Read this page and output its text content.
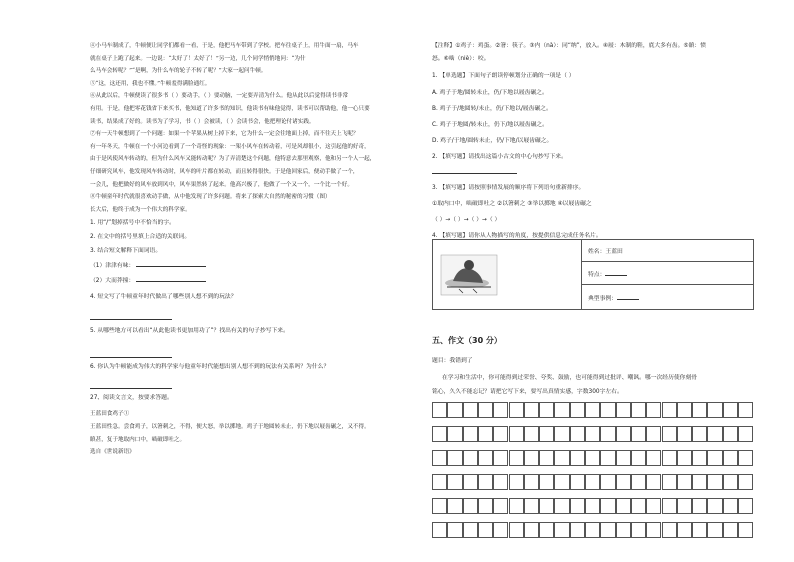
④小马车制成了，牛顿便让同学们都看一看，于是，他把马车带到了学校。把车往桌子上，用牛面一扇，马车

就在桌子上跑了起来。一边说：“太好了！太好了！”另一边，几个同学悄悄地问：“为什

么马车会转呢？”“是啊，为什么车的轮子不转了呢？”大家一起问牛顿。

⑤“这，这还用，我也不懂。”牛顿羞得满脸通红。

⑥从此以后，牛顿便读了很多书（ ）要动手，（ ）要动脑，一定要弄清为什么。他从此以后觉得读书非常

有用。于是，他把零花钱省下来买书，他知道了许多书的知识，他读书有味他觉得，读书可以帮助他，他一心只要

读书，结果成了好的。读书为了学习，书（ ）会被读，（ ）会读书会，他把理论付诸实践。

⑦有一天牛顿想到了一个问题：如果一个苹果从树上掉下来，它为什么一定会往地面上掉，而不往天上飞呢？

有一年冬天，牛顿在一个小河边看到了一个奇怪的现象：一架小风车在转动着，可是风却很小，这引起他的好奇，

由于是风使风车转动的，但为什么风车又能转动呢？为了弄清楚这个问题，他特意去那里观察，他和另一个人一起，

仔细研究风车，他发现风车转动时，风车的叶片都在转动，而且转得很快。于是他回家后，便动手做了一个，

一会儿，他把做好的风车放到风中，风车果然转了起来。他高兴极了，他做了一个又一个，一个比一个好。

⑧牛顿童年时代就很喜欢动手做，从中他发现了许多问题。将来了探索大自然的秘密的习惯（图）

长大后，他终于成为一个伟大的科学家。

1. 用“/”划掉括号中不恰当的字。

2. 在文中的括号里填上合适的关联词。

3. 结合短文解释下面词语。

（1）津津有味：

（2）大而莽撞：

4. 短文写了牛顿童年时代做出了哪些别人想不到的玩法？

5. 从哪些地方可以看出“从此他读书更加用功了”？找出有关的句子抄写下来。

6. 你认为牛顿能成为伟大的科学家与他童年时代能想出别人想不到的玩法有关系吗？为什么？

27、阅读文言文，按要求答题。

王蓝田食鸡子①

王蓝田性急。尝食鸡子，以箸刺之，不得，便大怒，举以掷地。鸡子于地圆转未止，仍下地以屐齿碾之，又不得。

瞋甚，复于地取内口中，啮破即吐之。

选自《世说新语》

【注释】①鸡子：鸡蛋。②箸：筷子。③内（nà）：同“纳”，放入。④屐：木制的鞋，底大多有齿。⑤瞋：愤
怒。⑥啮（niè）：咬。
1. 【单选题】下面句子朗读停顿划分正确的一项是（ ）
A. 鸡子于地/圆转未止，仍/下地以屐齿碾之。
B. 鸡子于/地圆转/未止，仍/下地以/屐齿碾之。
C. 鸡子于地圆/转未止，仍下/地以屐齿碾之。
D. 鸡子/于地/圆转未止，仍/下地/以屐齿碾之。
2. 【填写题】请找出这篇小古文的中心句抄写下来。
3. 【填写题】请按照事情发展的顺序将下列语句重新排序。
①取内口中，啮破即吐之 ②以箸刺之 ③举以掷地 ④以屐齿碾之
（ ）→（ ）→（ ）→（ ）
4. 【填写题】请你从人物描写的角度，按提供信息完成任务名片。
	姓名：王蓝田
特点：
典型事例：
五、作文（30 分）
题目：我错到了
在学习和生活中，你可能得到过荣誉、夸奖、鼓励，也可能得到过批评、嘲讽。哪一次经历使你刻骨
铭心，久久不能忘记？请把它写下来，要写出真情实感，字数300字左右。
